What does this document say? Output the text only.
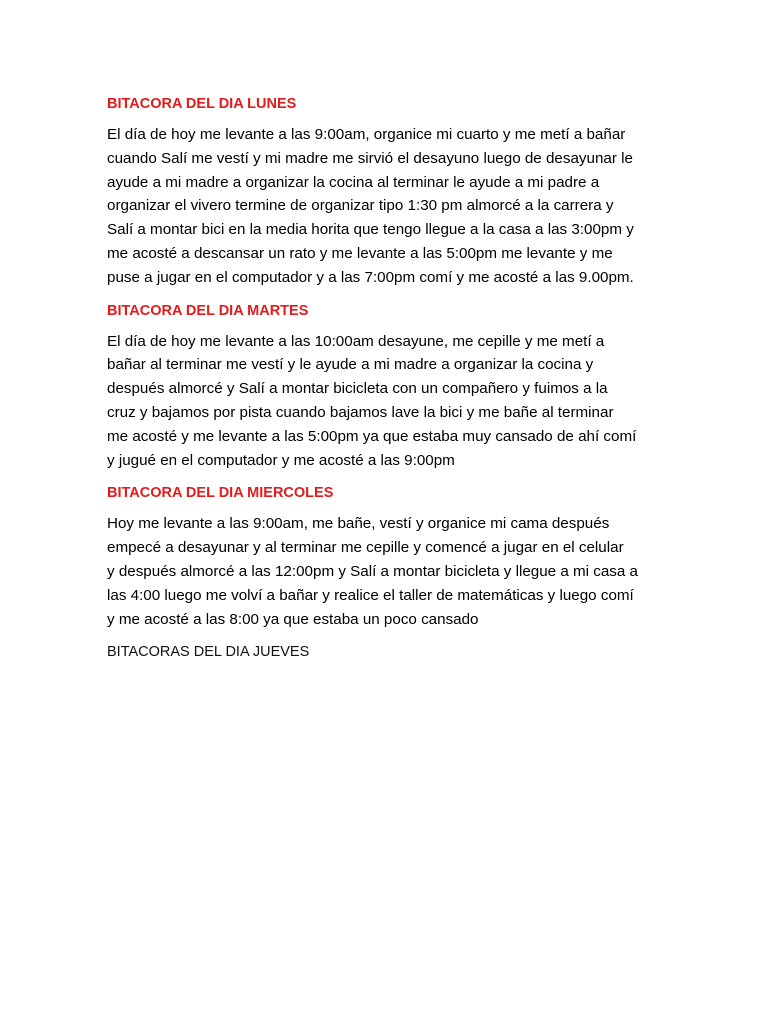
BITACORA DEL DIA LUNES
El día de hoy me levante a las 9:00am, organice mi cuarto y me metí a bañar
cuando Salí me vestí y mi madre me sirvió el desayuno luego de desayunar le
ayude a mi madre a organizar la cocina al terminar le ayude a mi padre a
organizar el vivero termine de organizar tipo 1:30 pm almorcé a la carrera y
Salí a montar bici en la media horita que tengo llegue a la casa a las 3:00pm y
me acosté a descansar un rato y me levante a las 5:00pm me levante y me
puse a jugar en el computador y a las 7:00pm comí y me acosté a las 9.00pm.
BITACORA DEL DIA MARTES
El día de hoy me levante a las 10:00am desayune, me cepille y me metí a
bañar al terminar me vestí y le ayude a mi madre a organizar la cocina y
después almorcé y Salí a montar bicicleta con un compañero y fuimos a la
cruz y bajamos por pista cuando bajamos lave la bici y me bañe al terminar
me acosté y me levante a las 5:00pm ya que estaba muy cansado de ahí comí
y jugué en el computador y me acosté a las 9:00pm
BITACORA DEL DIA MIERCOLES
Hoy me levante a las 9:00am, me bañe, vestí y organice mi cama después
empecé a desayunar y al terminar me cepille y comencé a jugar en el celular
y después almorcé a las 12:00pm y Salí a montar bicicleta y llegue a mi casa a
las 4:00 luego me volví a bañar y realice el taller de matemáticas y luego comí
y me acosté a las 8:00 ya que estaba un poco cansado
BITACORAS DEL DIA JUEVES
